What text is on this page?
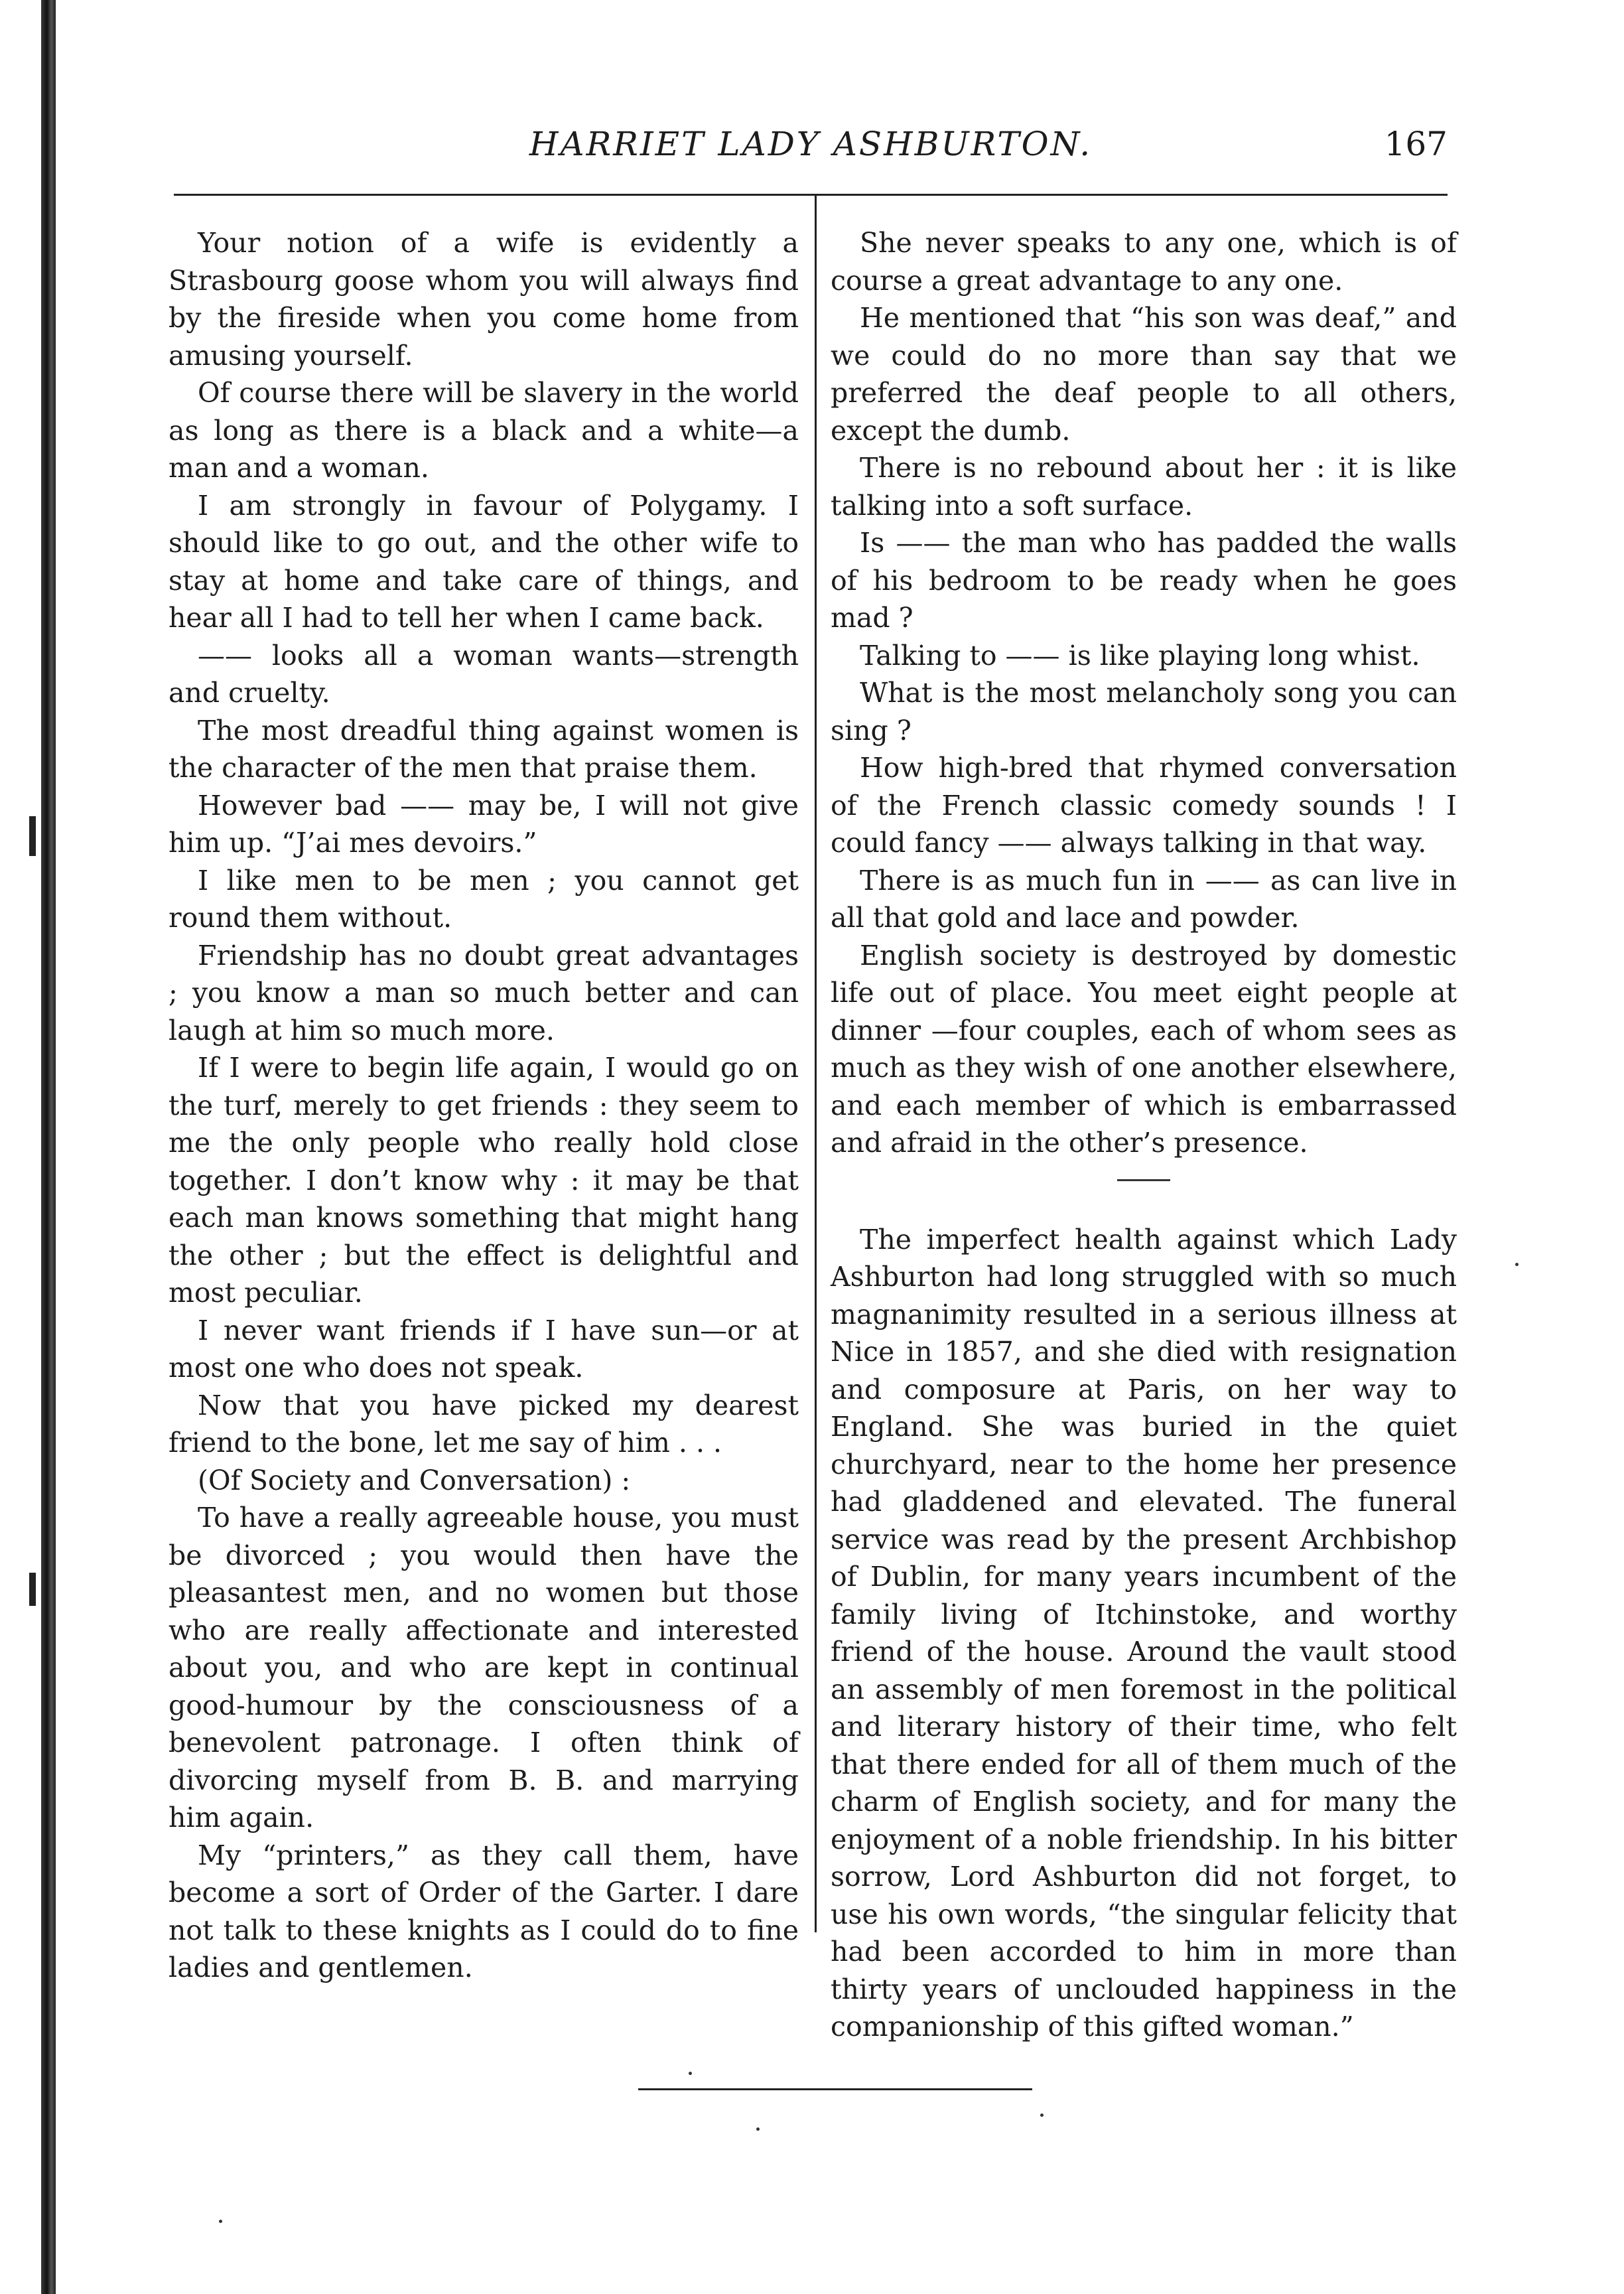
HARRIET LADY ASHBURTON.	167

Your notion of a wife is evidently a Strasbourg goose whom you will always find by the fireside when you come home from amusing yourself.

Of course there will be slavery in the world as long as there is a black and a white—a man and a woman.

I am strongly in favour of Polygamy. I should like to go out, and the other wife to stay at home and take care of things, and hear all I had to tell her when I came back.

—— looks all a woman wants—strength and cruelty.

The most dreadful thing against women is the character of the men that praise them.

However bad —— may be, I will not give him up. “J’ai mes devoirs.”

I like men to be men ; you cannot get round them without.

Friendship has no doubt great advantages ; you know a man so much better and can laugh at him so much more.

If I were to begin life again, I would go on the turf, merely to get friends : they seem to me the only people who really hold close together. I don’t know why : it may be that each man knows something that might hang the other ; but the effect is delightful and most peculiar.

I never want friends if I have sun—or at most one who does not speak.

Now that you have picked my dearest friend to the bone, let me say of him . . .

(Of Society and Conversation) :

To have a really agreeable house, you must be divorced ; you would then have the pleasantest men, and no women but those who are really affectionate and interested about you, and who are kept in continual good-humour by the consciousness of a benevolent patronage. I often think of divorcing myself from B. B. and marrying him again.

My “printers,” as they call them, have become a sort of Order of the Garter. I dare not talk to these knights as I could do to fine ladies and gentlemen.

She never speaks to any one, which is of course a great advantage to any one.

He mentioned that “his son was deaf,” and we could do no more than say that we preferred the deaf people to all others, except the dumb.

There is no rebound about her : it is like talking into a soft surface.

Is —— the man who has padded the walls of his bedroom to be ready when he goes mad ?

Talking to —— is like playing long whist.

What is the most melancholy song you can sing ?

How high-bred that rhymed conversation of the French classic comedy sounds ! I could fancy —— always talking in that way.

There is as much fun in —— as can live in all that gold and lace and powder.

English society is destroyed by domestic life out of place. You meet eight people at dinner —four couples, each of whom sees as much as they wish of one another elsewhere, and each member of which is embarrassed and afraid in the other’s presence.

The imperfect health against which Lady Ashburton had long struggled with so much magnanimity resulted in a serious illness at Nice in 1857, and she died with resignation and composure at Paris, on her way to England. She was buried in the quiet churchyard, near to the home her presence had gladdened and elevated. The funeral service was read by the present Archbishop of Dublin, for many years incumbent of the family living of Itchinstoke, and worthy friend of the house. Around the vault stood an assembly of men foremost in the political and literary history of their time, who felt that there ended for all of them much of the charm of English society, and for many the enjoyment of a noble friendship. In his bitter sorrow, Lord Ashburton did not forget, to use his own words, “the singular felicity that had been accorded to him in more than thirty years of unclouded happiness in the companionship of this gifted woman.”
